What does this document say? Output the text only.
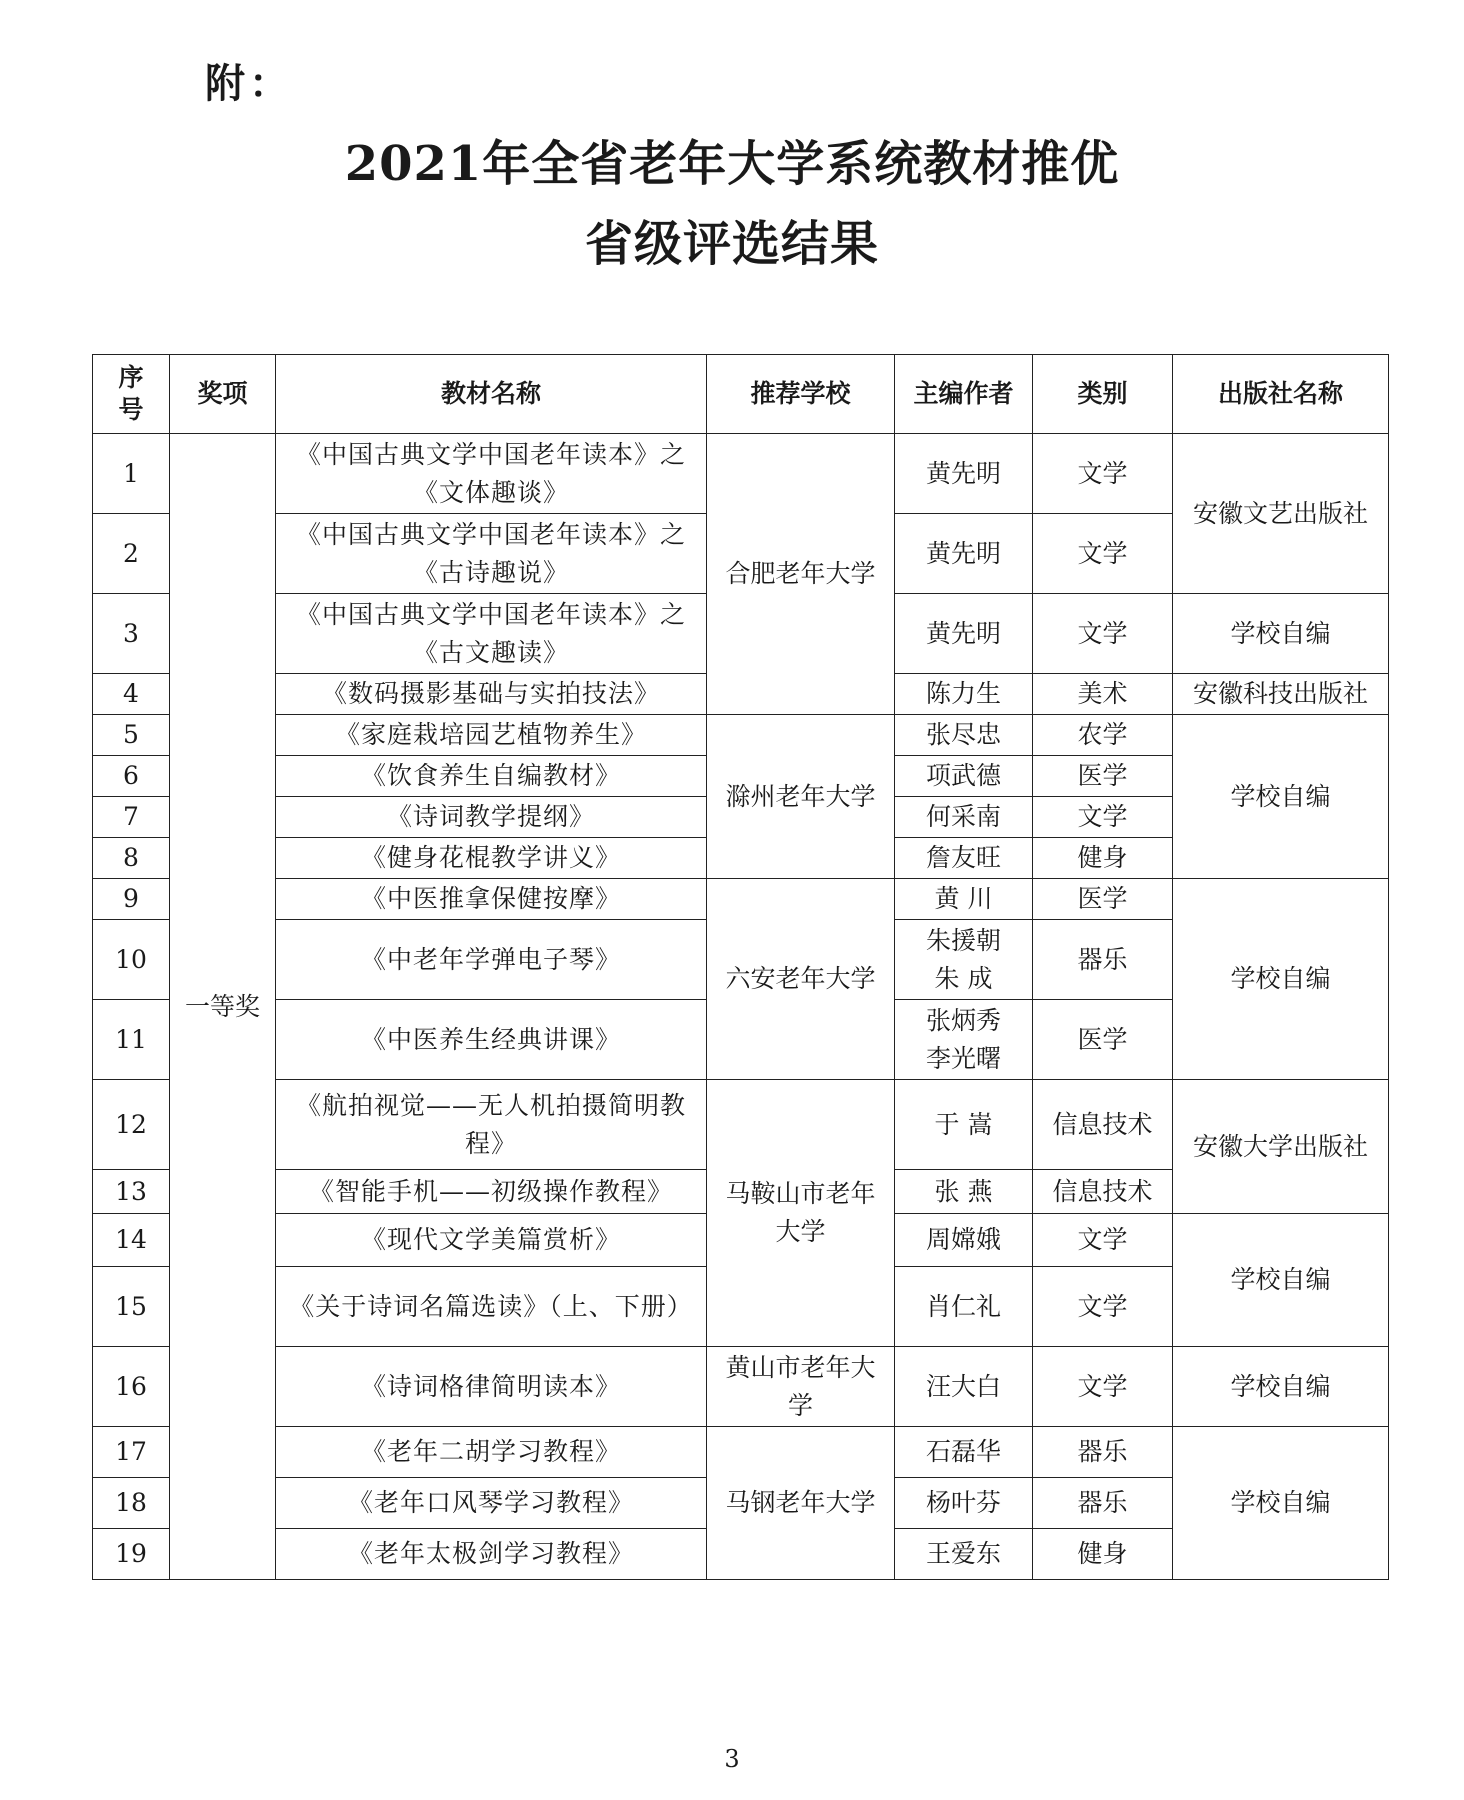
附：
2021年全省老年大学系统教材推优
省级评选结果
序号	奖项	教材名称	推荐学校	主编作者	类别	出版社名称
1	一等奖	《中国古典文学中国老年读本》之《文体趣谈》	合肥老年大学	黄先明	文学	安徽文艺出版社
2		《中国古典文学中国老年读本》之《古诗趣说》		黄先明	文学	
3		《中国古典文学中国老年读本》之《古文趣读》		黄先明	文学	学校自编
4		《数码摄影基础与实拍技法》		陈力生	美术	安徽科技出版社
5		《家庭栽培园艺植物养生》	滁州老年大学	张尽忠	农学	学校自编
6		《饮食养生自编教材》		项武德	医学	
7		《诗词教学提纲》		何采南	文学	
8		《健身花棍教学讲义》		詹友旺	健身	
9		《中医推拿保健按摩》	六安老年大学	黄 川	医学	学校自编
10		《中老年学弹电子琴》		朱援朝 朱 成	器乐	
11		《中医养生经典讲课》		张炳秀 李光曙	医学	
12		《航拍视觉——无人机拍摄简明教程》	马鞍山市老年大学	于 嵩	信息技术	安徽大学出版社
13		《智能手机——初级操作教程》		张 燕	信息技术	
14		《现代文学美篇赏析》		周嫦娥	文学	学校自编
15		《关于诗词名篇选读》（上、下册）		肖仁礼	文学	
16		《诗词格律简明读本》	黄山市老年大学	汪大白	文学	学校自编
17		《老年二胡学习教程》	马钢老年大学	石磊华	器乐	学校自编
18		《老年口风琴学习教程》		杨叶芬	器乐	
19		《老年太极剑学习教程》		王爱东	健身	
3
